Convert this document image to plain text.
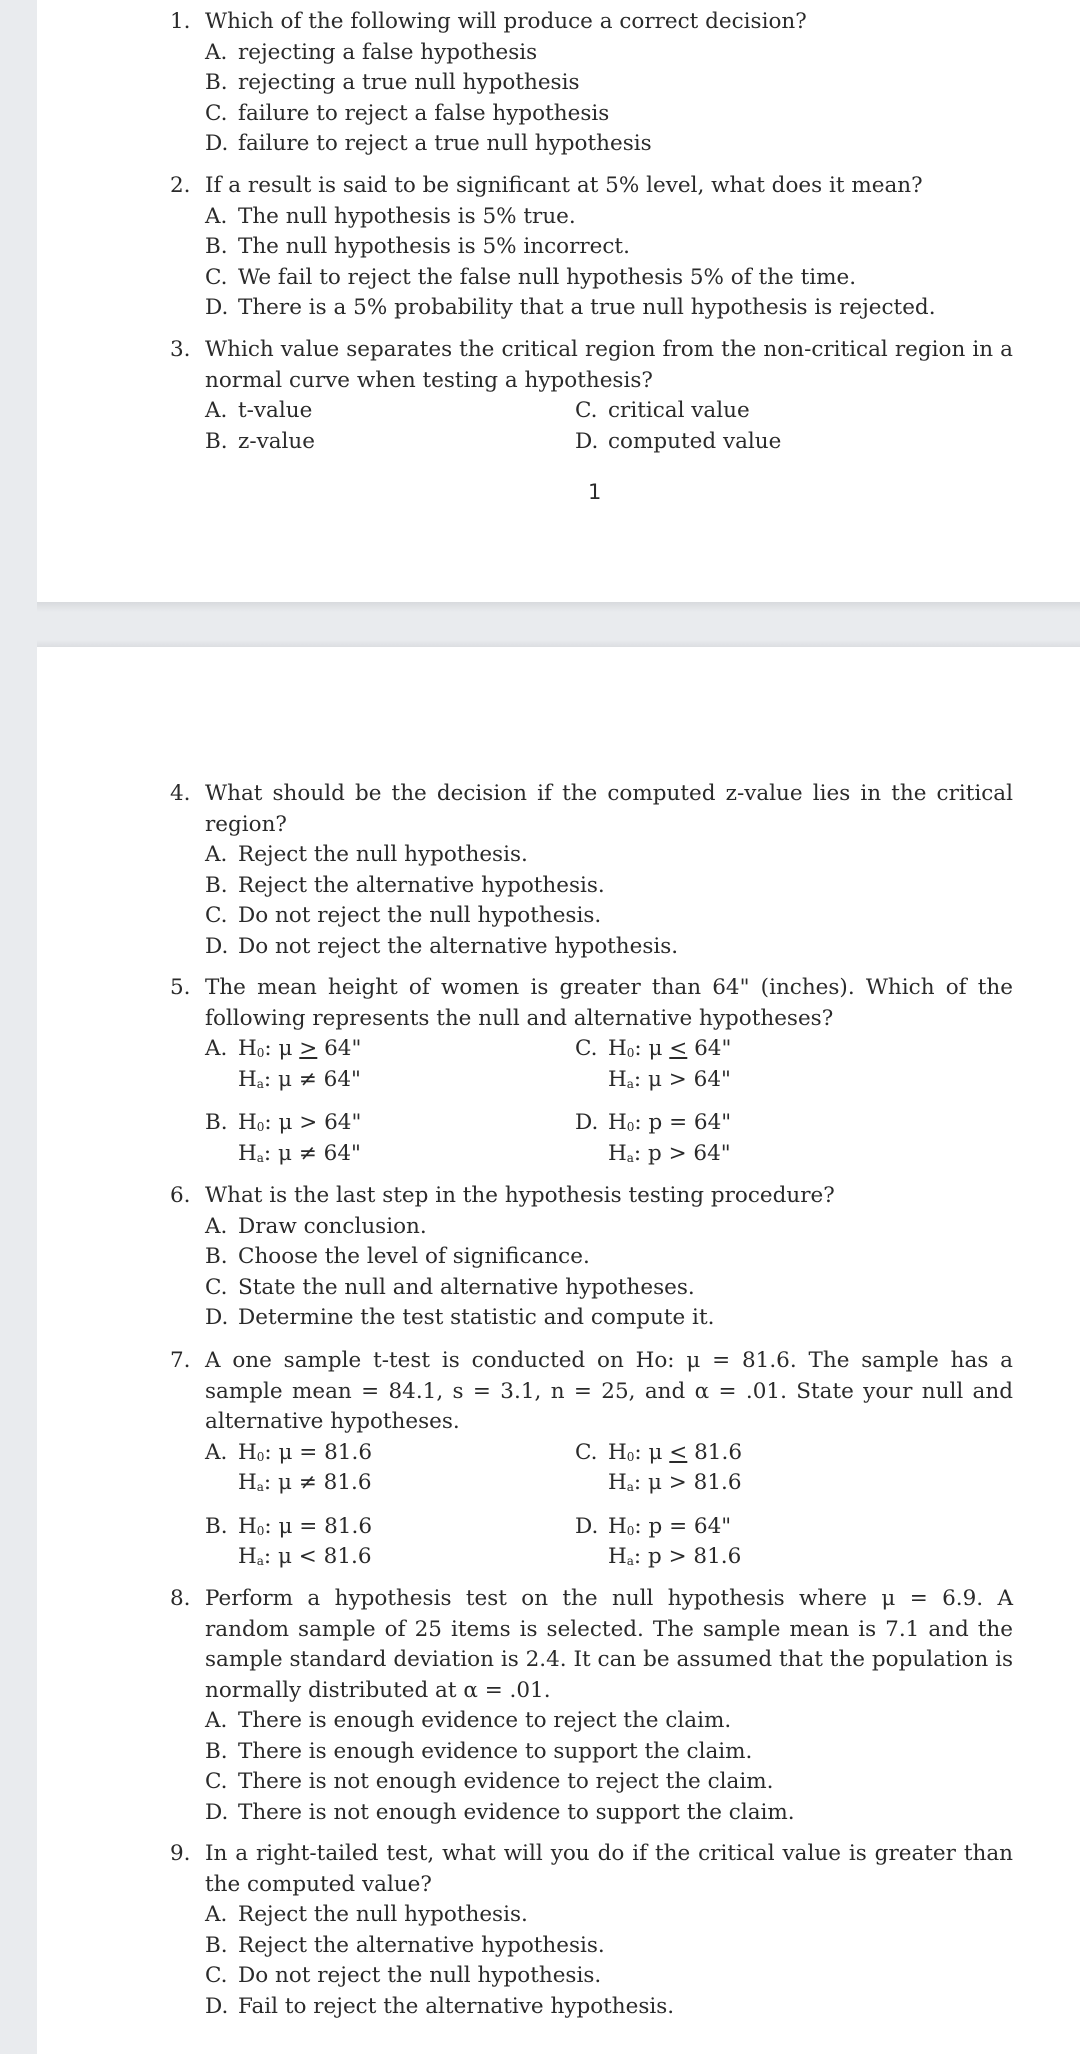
1. Which of the following will produce a correct decision?
A. rejecting a false hypothesis
B. rejecting a true null hypothesis
C. failure to reject a false hypothesis
D. failure to reject a true null hypothesis
2. If a result is said to be significant at 5% level, what does it mean?
A. The null hypothesis is 5% true.
B. The null hypothesis is 5% incorrect.
C. We fail to reject the false null hypothesis 5% of the time.
D. There is a 5% probability that a true null hypothesis is rejected.
3. Which value separates the critical region from the non-critical region in a normal curve when testing a hypothesis?
A. t-value	C. critical value
B. z-value	D. computed value
1
4. What should be the decision if the computed z-value lies in the critical region?
A. Reject the null hypothesis.
B. Reject the alternative hypothesis.
C. Do not reject the null hypothesis.
D. Do not reject the alternative hypothesis.
5. The mean height of women is greater than 64" (inches). Which of the following represents the null and alternative hypotheses?
A. H0: μ > 64"
Ha: μ ≠ 64"
C. H0: μ < 64"
Ha: μ > 64"
B. H0: μ > 64"
Ha: μ ≠ 64"
D. H0: p = 64"
Ha: p > 64"
6. What is the last step in the hypothesis testing procedure?
A. Draw conclusion.
B. Choose the level of significance.
C. State the null and alternative hypotheses.
D. Determine the test statistic and compute it.
7. A one sample t-test is conducted on Ho: μ = 81.6. The sample has a sample mean = 84.1, s = 3.1, n = 25, and α = .01. State your null and alternative hypotheses.
A. H0: μ = 81.6
Ha: μ ≠ 81.6
C. H0: μ < 81.6
Ha: μ > 81.6
B. H0: μ = 81.6
Ha: μ < 81.6
D. H0: p = 64"
Ha: p > 81.6
8. Perform a hypothesis test on the null hypothesis where μ = 6.9. A random sample of 25 items is selected. The sample mean is 7.1 and the sample standard deviation is 2.4. It can be assumed that the population is normally distributed at α = .01.
A. There is enough evidence to reject the claim.
B. There is enough evidence to support the claim.
C. There is not enough evidence to reject the claim.
D. There is not enough evidence to support the claim.
9. In a right-tailed test, what will you do if the critical value is greater than the computed value?
A. Reject the null hypothesis.
B. Reject the alternative hypothesis.
C. Do not reject the null hypothesis.
D. Fail to reject the alternative hypothesis.
